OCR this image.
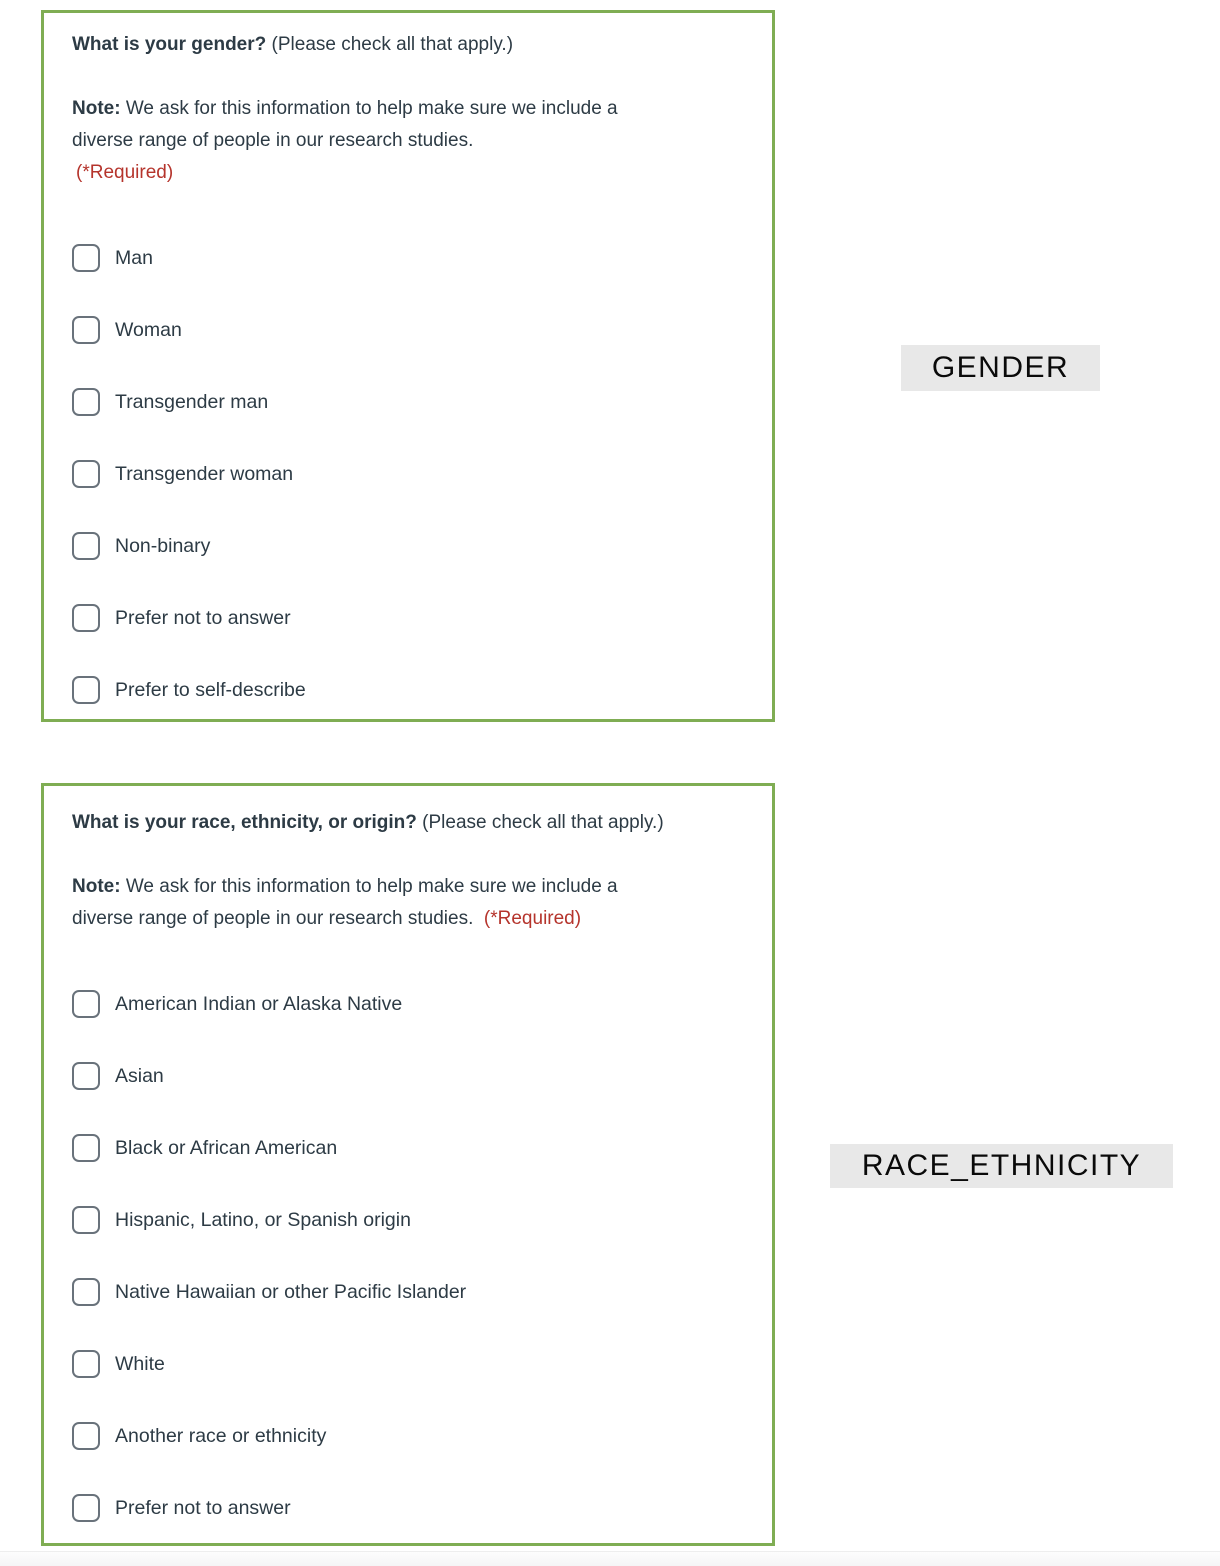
What is your gender? (Please check all that apply.)
Note: We ask for this information to help make sure we include a diverse range of people in our research studies.
(*Required)
Man
Woman
Transgender man
Transgender woman
Non-binary
Prefer not to answer
Prefer to self-describe
What is your race, ethnicity, or origin? (Please check all that apply.)
Note: We ask for this information to help make sure we include a diverse range of people in our research studies. (*Required)
American Indian or Alaska Native
Asian
Black or African American
Hispanic, Latino, or Spanish origin
Native Hawaiian or other Pacific Islander
White
Another race or ethnicity
Prefer not to answer
GENDER
RACE_ETHNICITY
